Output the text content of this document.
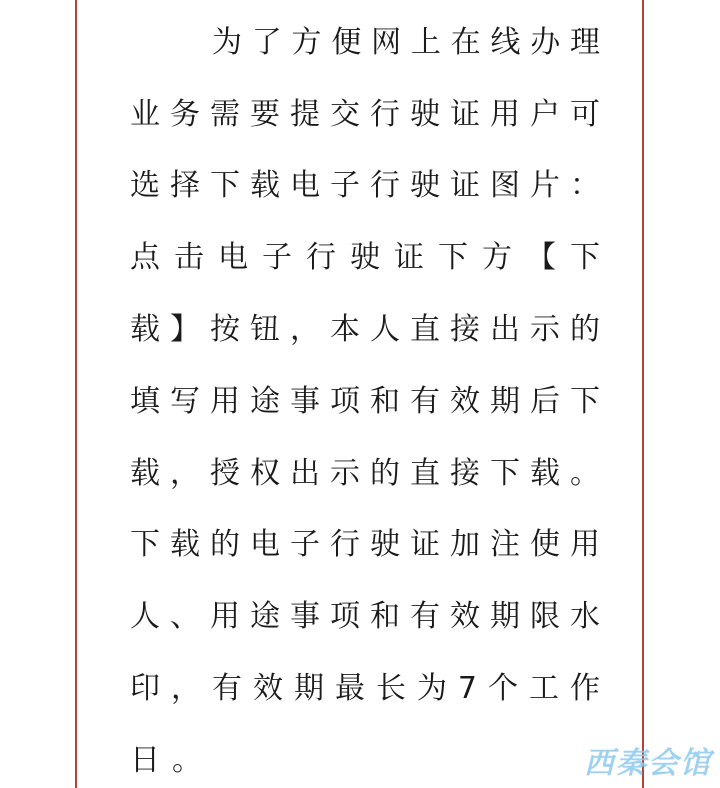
为了方便网上在线办理
业务需要提交行驶证用户可
选择下载电子行驶证图片：
点击电子行驶证下方【下
载】按钮，本人直接出示的
填写用途事项和有效期后下
载，授权出示的直接下载。
下载的电子行驶证加注使用
人、用途事项和有效期限水
印，有效期最长为7个工作
日。	西秦会馆
